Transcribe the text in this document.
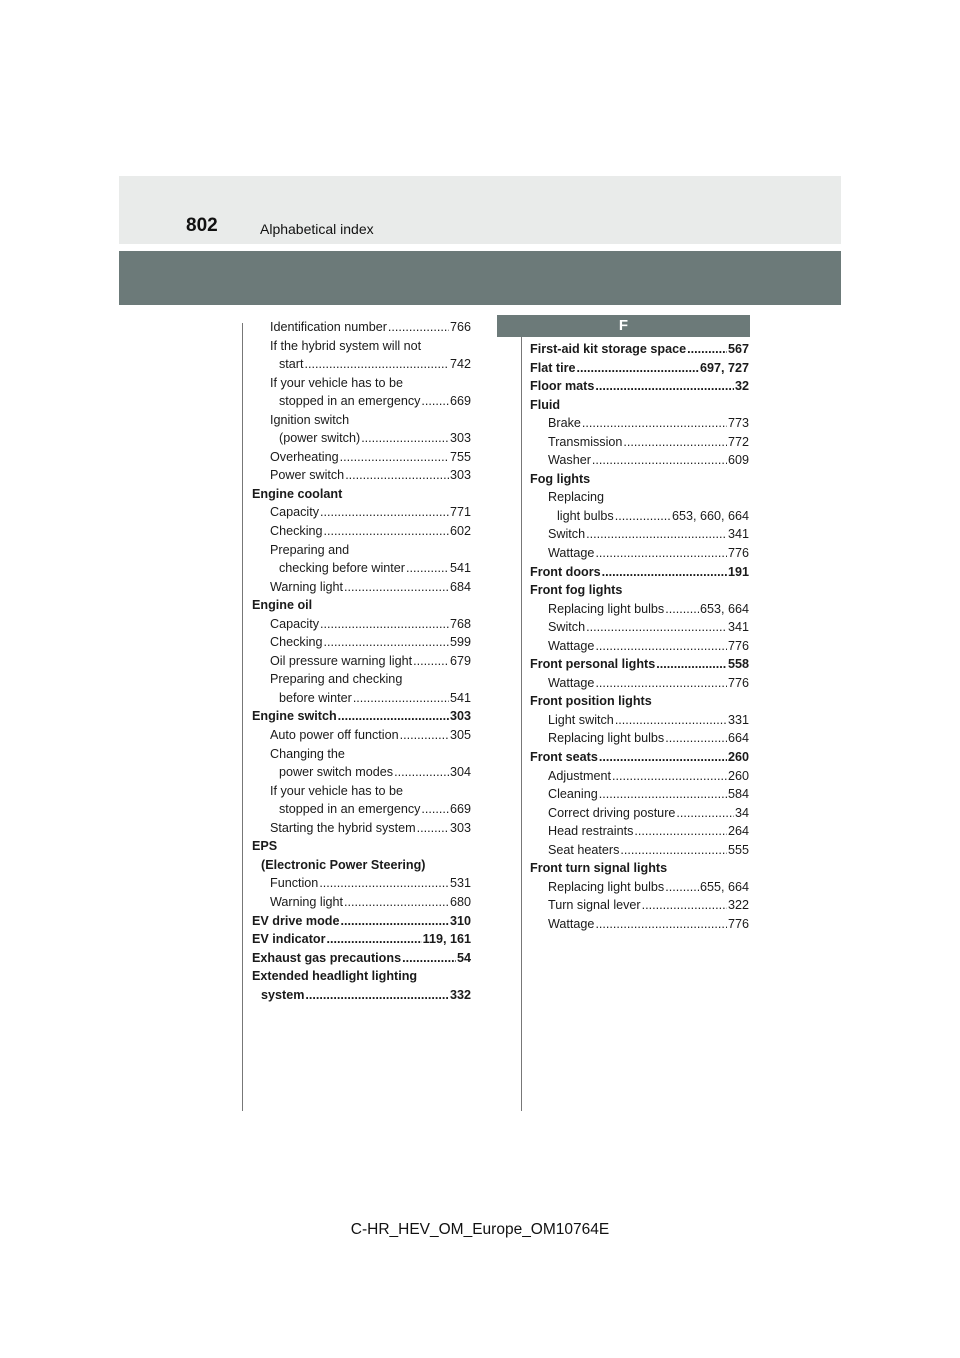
802	Alphabetical index
Identification number .....	766
If the hybrid system will not
start .....	742
If your vehicle has to be
stopped in an emergency ..... 669
Ignition switch
(power switch) .....	303
Overheating .....	755
Power switch .....	303
Engine coolant
Capacity .....	771
Checking .....	602
Preparing and
checking before winter .....	541
Warning light .....	684
Engine oil
Capacity .....	768
Checking .....	599
Oil pressure warning light .....	679
Preparing and checking
before winter .....	541
Engine switch .....	303
Auto power off function .....	305
Changing the
power switch modes .....	304
If your vehicle has to be
stopped in an emergency ..... 669
Starting the hybrid system .....	303
EPS
(Electronic Power Steering)
Function .....	531
Warning light .....	680
EV drive mode .....	310
EV indicator .....	119, 161
Exhaust gas precautions .....	54
Extended headlight lighting
system .....	332
F
First-aid kit storage space .....	567
Flat tire .....	697, 727
Floor mats .....	32
Fluid
Brake .....	773
Transmission .....	772
Washer .....	609
Fog lights
Replacing
light bulbs .....	653, 660, 664
Switch .....	341
Wattage .....	776
Front doors .....	191
Front fog lights
Replacing light bulbs .....	653, 664
Switch .....	341
Wattage .....	776
Front personal lights .....	558
Wattage .....	776
Front position lights
Light switch .....	331
Replacing light bulbs .....	664
Front seats .....	260
Adjustment .....	260
Cleaning .....	584
Correct driving posture .....	34
Head restraints .....	264
Seat heaters .....	555
Front turn signal lights
Replacing light bulbs .....	655, 664
Turn signal lever .....	322
Wattage .....	776
C-HR_HEV_OM_Europe_OM10764E
